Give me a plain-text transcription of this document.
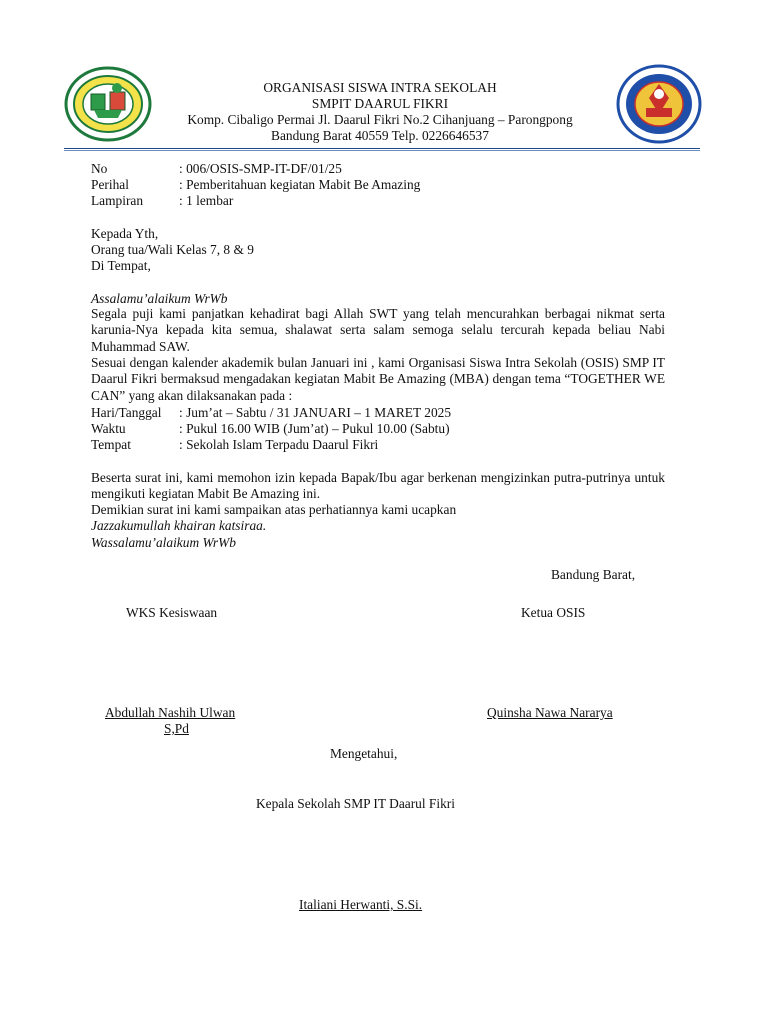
ORGANISASI SISWA INTRA SEKOLAH
SMPIT DAARUL FIKRI
Komp. Cibaligo Permai Jl. Daarul Fikri No.2 Cihanjuang – Parongpong
Bandung Barat 40559 Telp. 0226646537
No	: 006/OSIS-SMP-IT-DF/01/25
Perihal	: Pemberitahuan kegiatan Mabit Be Amazing
Lampiran	: 1 lembar
Kepada Yth,
Orang tua/Wali Kelas 7, 8 & 9
Di Tempat,
Assalamu’alaikum WrWb
Segala puji kami panjatkan kehadirat bagi Allah SWT yang telah mencurahkan berbagai nikmat serta karunia-Nya kepada kita semua, shalawat serta salam semoga selalu tercurah kepada beliau Nabi Muhammad SAW.
Sesuai dengan kalender akademik bulan Januari ini , kami Organisasi Siswa Intra Sekolah (OSIS) SMP IT Daarul Fikri bermaksud mengadakan kegiatan Mabit Be Amazing (MBA) dengan tema “TOGETHER WE CAN” yang akan dilaksanakan pada :
Hari/Tanggal : Jum’at – Sabtu / 31 JANUARI – 1 MARET 2025
Waktu	: Pukul 16.00 WIB (Jum’at) – Pukul 10.00 (Sabtu)
Tempat	: Sekolah Islam Terpadu Daarul Fikri
Beserta surat ini, kami memohon izin kepada Bapak/Ibu agar berkenan mengizinkan putra-putrinya untuk mengikuti kegiatan Mabit Be Amazing ini.
Demikian surat ini kami sampaikan atas perhatiannya kami ucapkan
Jazzakumullah khairan katsiraa.
Wassalamu’alaikum WrWb
Bandung Barat,
WKS Kesiswaan	Ketua OSIS
Abdullah Nashih Ulwan
S,Pd
Quinsha Nawa Nararya
Mengetahui,
Kepala Sekolah SMP IT Daarul Fikri
Italiani Herwanti, S.Si.
